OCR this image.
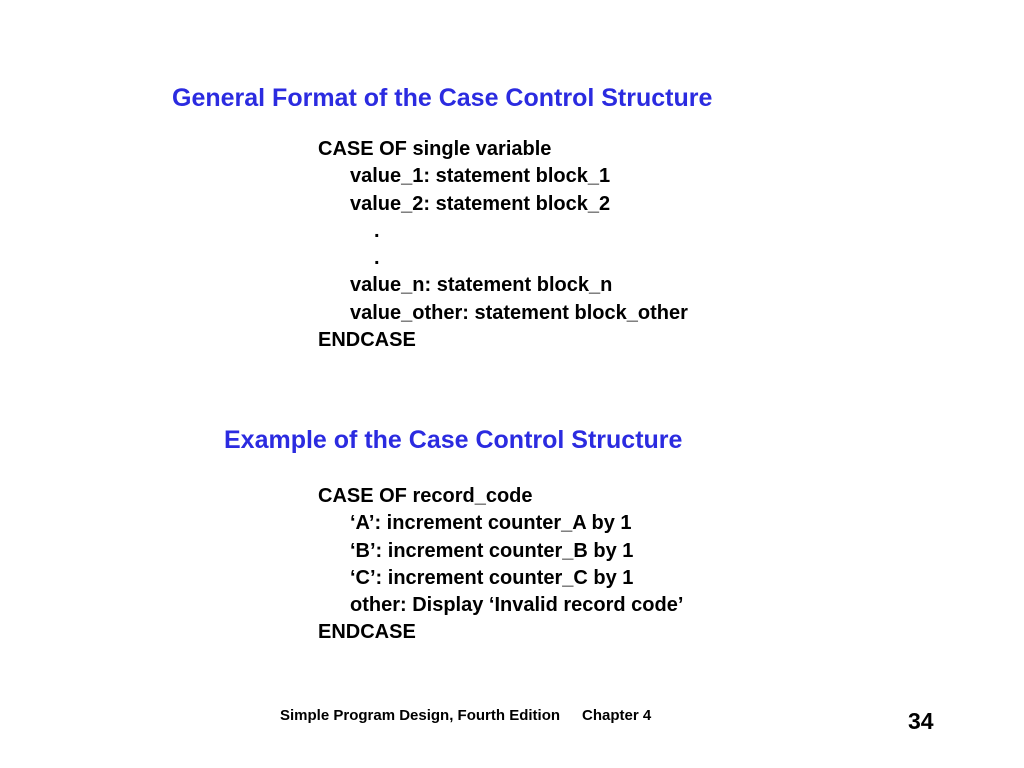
General Format of the Case Control Structure
CASE OF single variable
value_1: statement block_1
value_2: statement block_2
.
.
value_n: statement block_n
value_other: statement block_other
ENDCASE
Example of the Case Control Structure
CASE OF record_code
‘A’: increment counter_A by 1
‘B’: increment counter_B by 1
‘C’: increment counter_C by 1
other: Display ‘Invalid record code’
ENDCASE
Simple Program Design, Fourth Edition Chapter 4	34
